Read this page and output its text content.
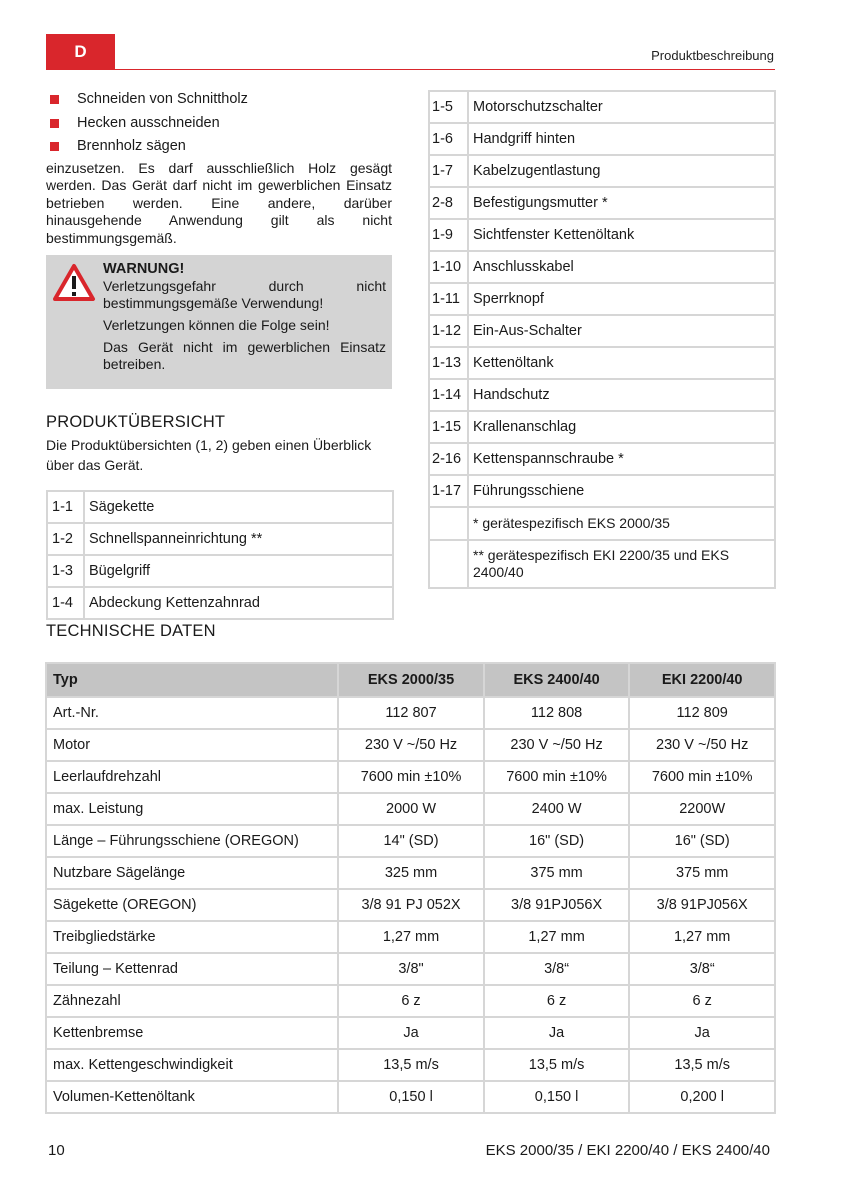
D	Produktbeschreibung
Schneiden von Schnittholz
Hecken ausschneiden
Brennholz sägen

einzusetzen. Es darf ausschließlich Holz gesägt werden. Das Gerät darf nicht im gewerblichen Einsatz betrieben werden. Eine andere, darüber hinausgehende Anwendung gilt als nicht bestimmungsgemäß.

WARNUNG!
Verletzungsgefahr durch nicht bestimmungsgemäße Verwendung!
Verletzungen können die Folge sein!
Das Gerät nicht im gewerblichen Einsatz betreiben.
PRODUKTÜBERSICHT

Die Produktübersichten (1, 2) geben einen Überblick über das Gerät.

1-1	Sägekette
1-2	Schnellspanneinrichtung **
1-3	Bügelgriff
1-4	Abdeckung Kettenzahnrad
1-5	Motorschutzschalter
1-6	Handgriff hinten
1-7	Kabelzugentlastung
2-8	Befestigungsmutter *
1-9	Sichtfenster Kettenöltank
1-10	Anschlusskabel
1-11	Sperrknopf
1-12	Ein-Aus-Schalter
1-13	Kettenöltank
1-14	Handschutz
1-15	Krallenanschlag
2-16	Kettenspannschraube *
1-17	Führungsschiene
	* gerätespezifisch EKS 2000/35
	** gerätespezifisch EKI 2200/35 und EKS 2400/40
TECHNISCHE DATEN
Typ	EKS 2000/35	EKS 2400/40	EKI 2200/40
Art.-Nr.	112 807	112 808	112 809
Motor	230 V ~/50 Hz	230 V ~/50 Hz	230 V ~/50 Hz
Leerlaufdrehzahl	7600 min ±10%	7600 min ±10%	7600 min ±10%
max. Leistung	2000 W	2400 W	2200W
Länge – Führungsschiene (OREGON)	14" (SD)	16" (SD)	16" (SD)
Nutzbare Sägelänge	325 mm	375 mm	375 mm
Sägekette (OREGON)	3/8 91 PJ 052X	3/8 91PJ056X	3/8 91PJ056X
Treibgliedstärke	1,27 mm	1,27 mm	1,27 mm
Teilung – Kettenrad	3/8"	3/8“	3/8“
Zähnezahl	6 z	6 z	6 z
Kettenbremse	Ja	Ja	Ja
max. Kettengeschwindigkeit	13,5 m/s	13,5 m/s	13,5 m/s
Volumen-Kettenöltank	0,150 l	0,150 l	0,200 l
10	EKS 2000/35 / EKI 2200/40 / EKS 2400/40
